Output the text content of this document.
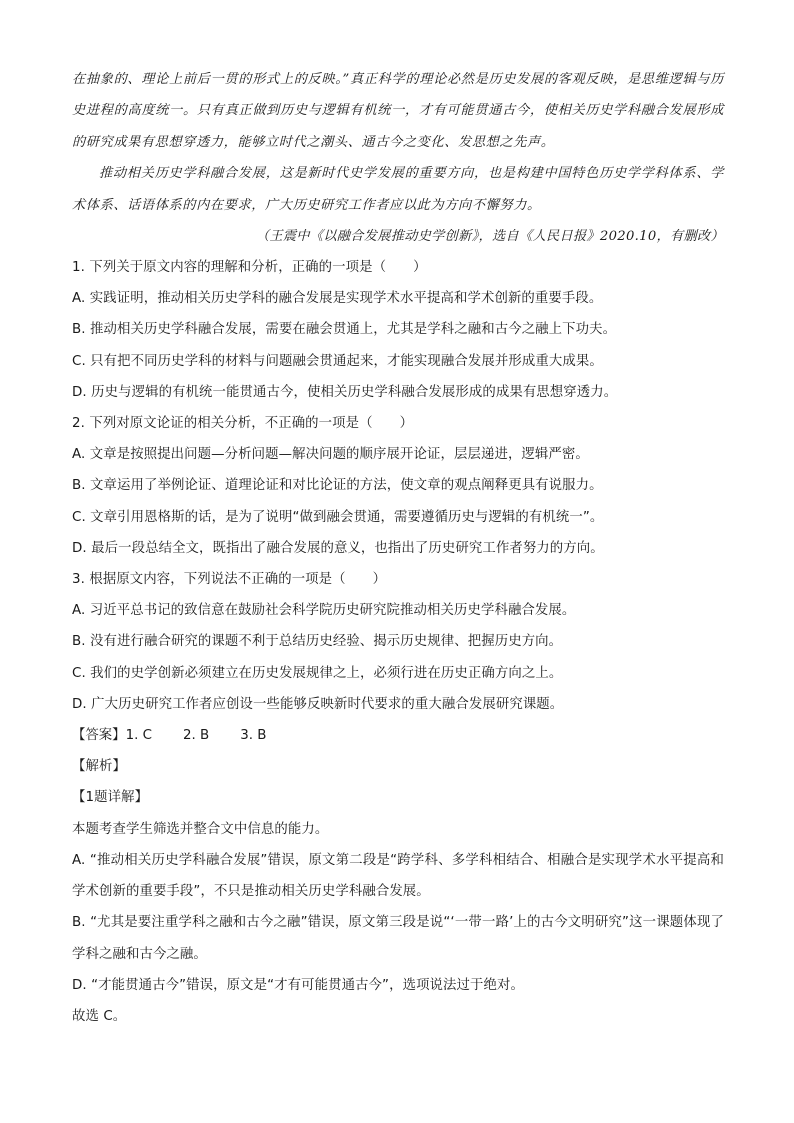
在抽象的、理论上前后一贯的形式上的反映。”真正科学的理论必然是历史发展的客观反映，是思维逻辑与历史进程的高度统一。只有真正做到历史与逻辑有机统一，才有可能贯通古今，使相关历史学科融合发展形成的研究成果有思想穿透力，能够立时代之潮头、通古今之变化、发思想之先声。

推动相关历史学科融合发展，这是新时代史学发展的重要方向，也是构建中国特色历史学学科体系、学术体系、话语体系的内在要求，广大历史研究工作者应以此为方向不懈努力。

（王震中《以融合发展推动史学创新》，选自《人民日报》2020.10，有删改）

1. 下列关于原文内容的理解和分析，正确的一项是（　　）

A. 实践证明，推动相关历史学科的融合发展是实现学术水平提高和学术创新的重要手段。

B. 推动相关历史学科融合发展，需要在融会贯通上，尤其是学科之融和古今之融上下功夫。

C. 只有把不同历史学科的材料与问题融会贯通起来，才能实现融合发展并形成重大成果。

D. 历史与逻辑的有机统一能贯通古今，使相关历史学科融合发展形成的成果有思想穿透力。

2. 下列对原文论证的相关分析，不正确的一项是（　　）

A. 文章是按照提出问题—分析问题—解决问题的顺序展开论证，层层递进，逻辑严密。

B. 文章运用了举例论证、道理论证和对比论证的方法，使文章的观点阐释更具有说服力。

C. 文章引用恩格斯的话，是为了说明“做到融会贯通，需要遵循历史与逻辑的有机统一”。

D. 最后一段总结全文，既指出了融合发展的意义，也指出了历史研究工作者努力的方向。

3. 根据原文内容，下列说法不正确的一项是（　　）

A. 习近平总书记的致信意在鼓励社会科学院历史研究院推动相关历史学科融合发展。

B. 没有进行融合研究的课题不利于总结历史经验、揭示历史规律、把握历史方向。

C. 我们的史学创新必须建立在历史发展规律之上，必须行进在历史正确方向之上。

D. 广大历史研究工作者应创设一些能够反映新时代要求的重大融合发展研究课题。

【答案】1. C　　 2. B　　 3. B

【解析】

【1题详解】

本题考查学生筛选并整合文中信息的能力。

A. “推动相关历史学科融合发展”错误，原文第二段是“跨学科、多学科相结合、相融合是实现学术水平提高和学术创新的重要手段”，不只是推动相关历史学科融合发展。

B. “尤其是要注重学科之融和古今之融”错误，原文第三段是说“‘一带一路’上的古今文明研究”这一课题体现了学科之融和古今之融。

D. “才能贯通古今”错误，原文是“才有可能贯通古今”，选项说法过于绝对。

故选 C。
